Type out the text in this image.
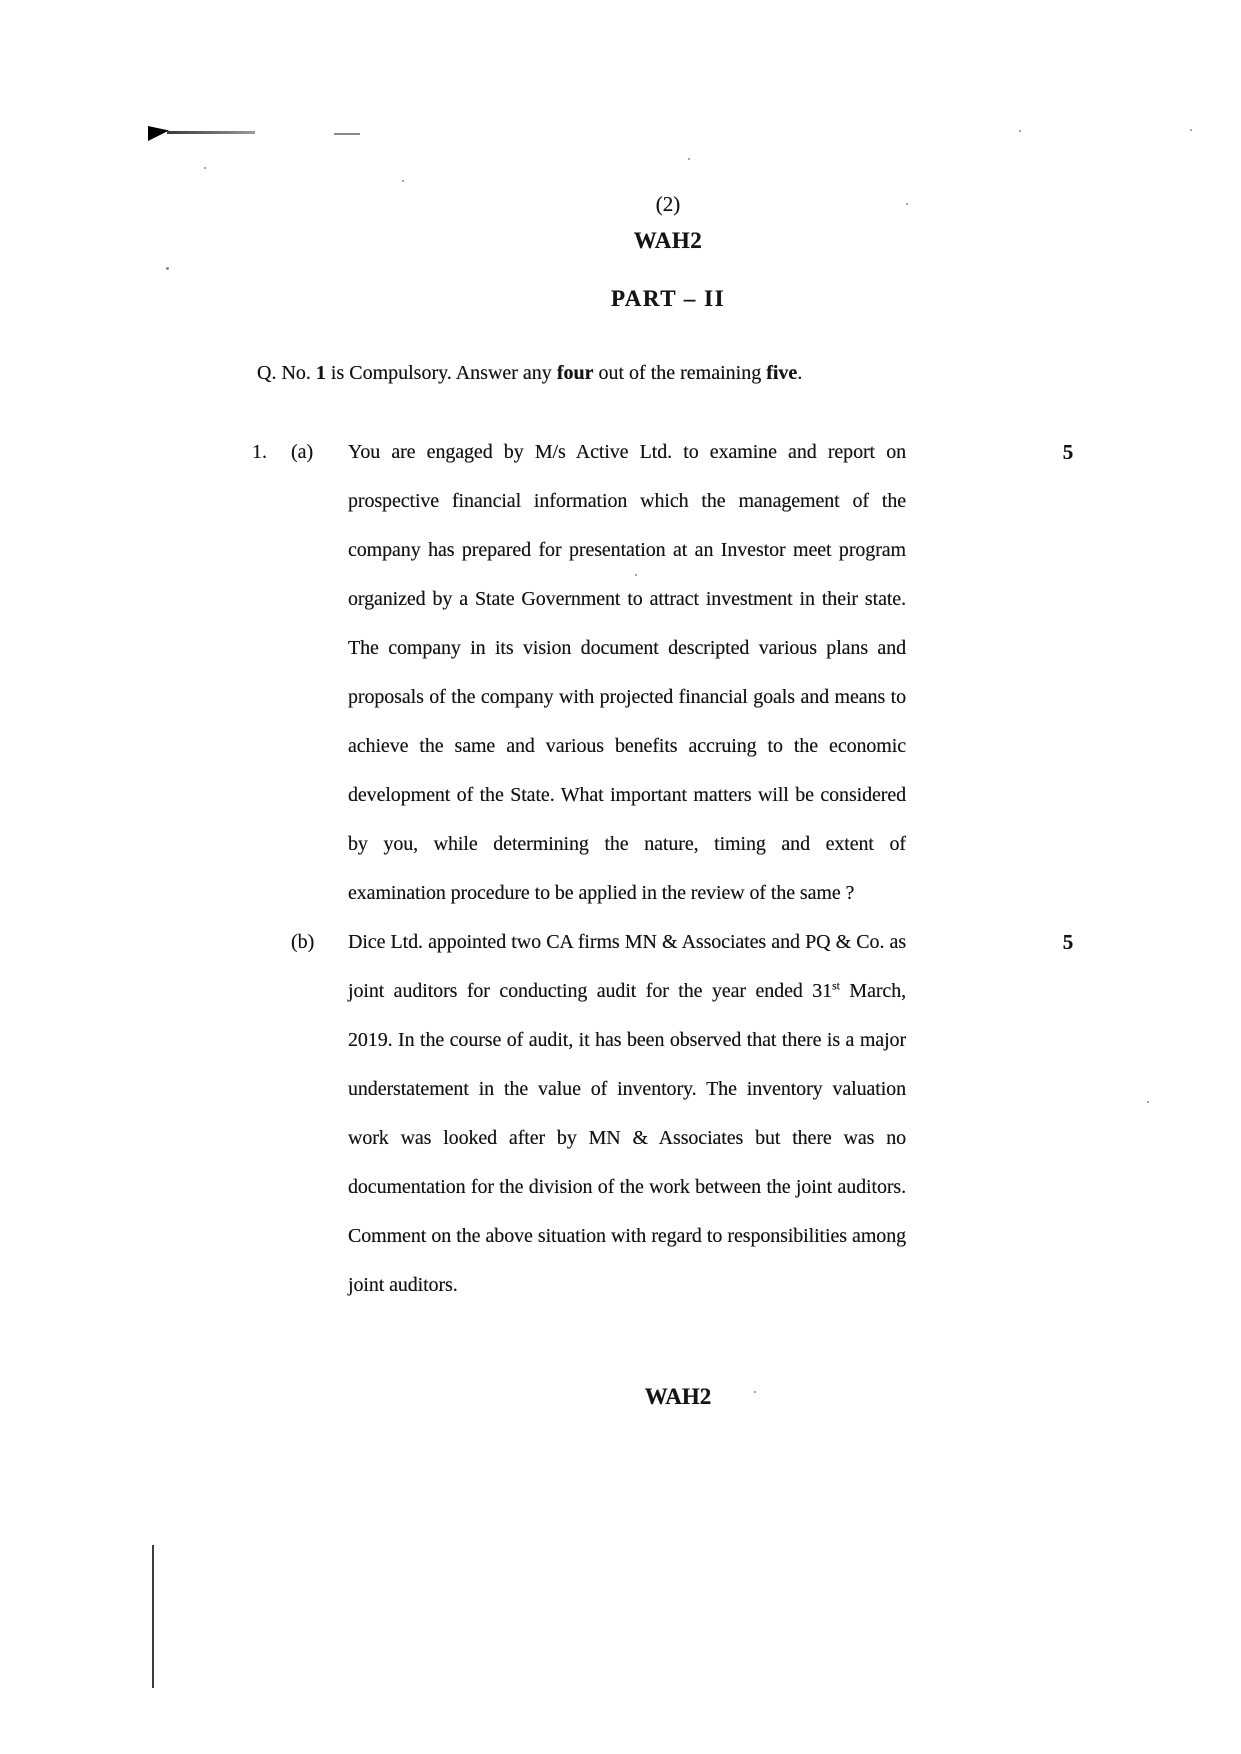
(2)
WAH2
PART – II
Q. No. 1 is Compulsory. Answer any four out of the remaining five.
1. (a) You are engaged by M/s Active Ltd. to examine and report on prospective financial information which the management of the company has prepared for presentation at an Investor meet program organized by a State Government to attract investment in their state. The company in its vision document descripted various plans and proposals of the company with projected financial goals and means to achieve the same and various benefits accruing to the economic development of the State. What important matters will be considered by you, while determining the nature, timing and extent of examination procedure to be applied in the review of the same ?
5
(b) Dice Ltd. appointed two CA firms MN & Associates and PQ & Co. as joint auditors for conducting audit for the year ended 31st March, 2019. In the course of audit, it has been observed that there is a major understatement in the value of inventory. The inventory valuation work was looked after by MN & Associates but there was no documentation for the division of the work between the joint auditors. Comment on the above situation with regard to responsibilities among joint auditors.
5
WAH2
